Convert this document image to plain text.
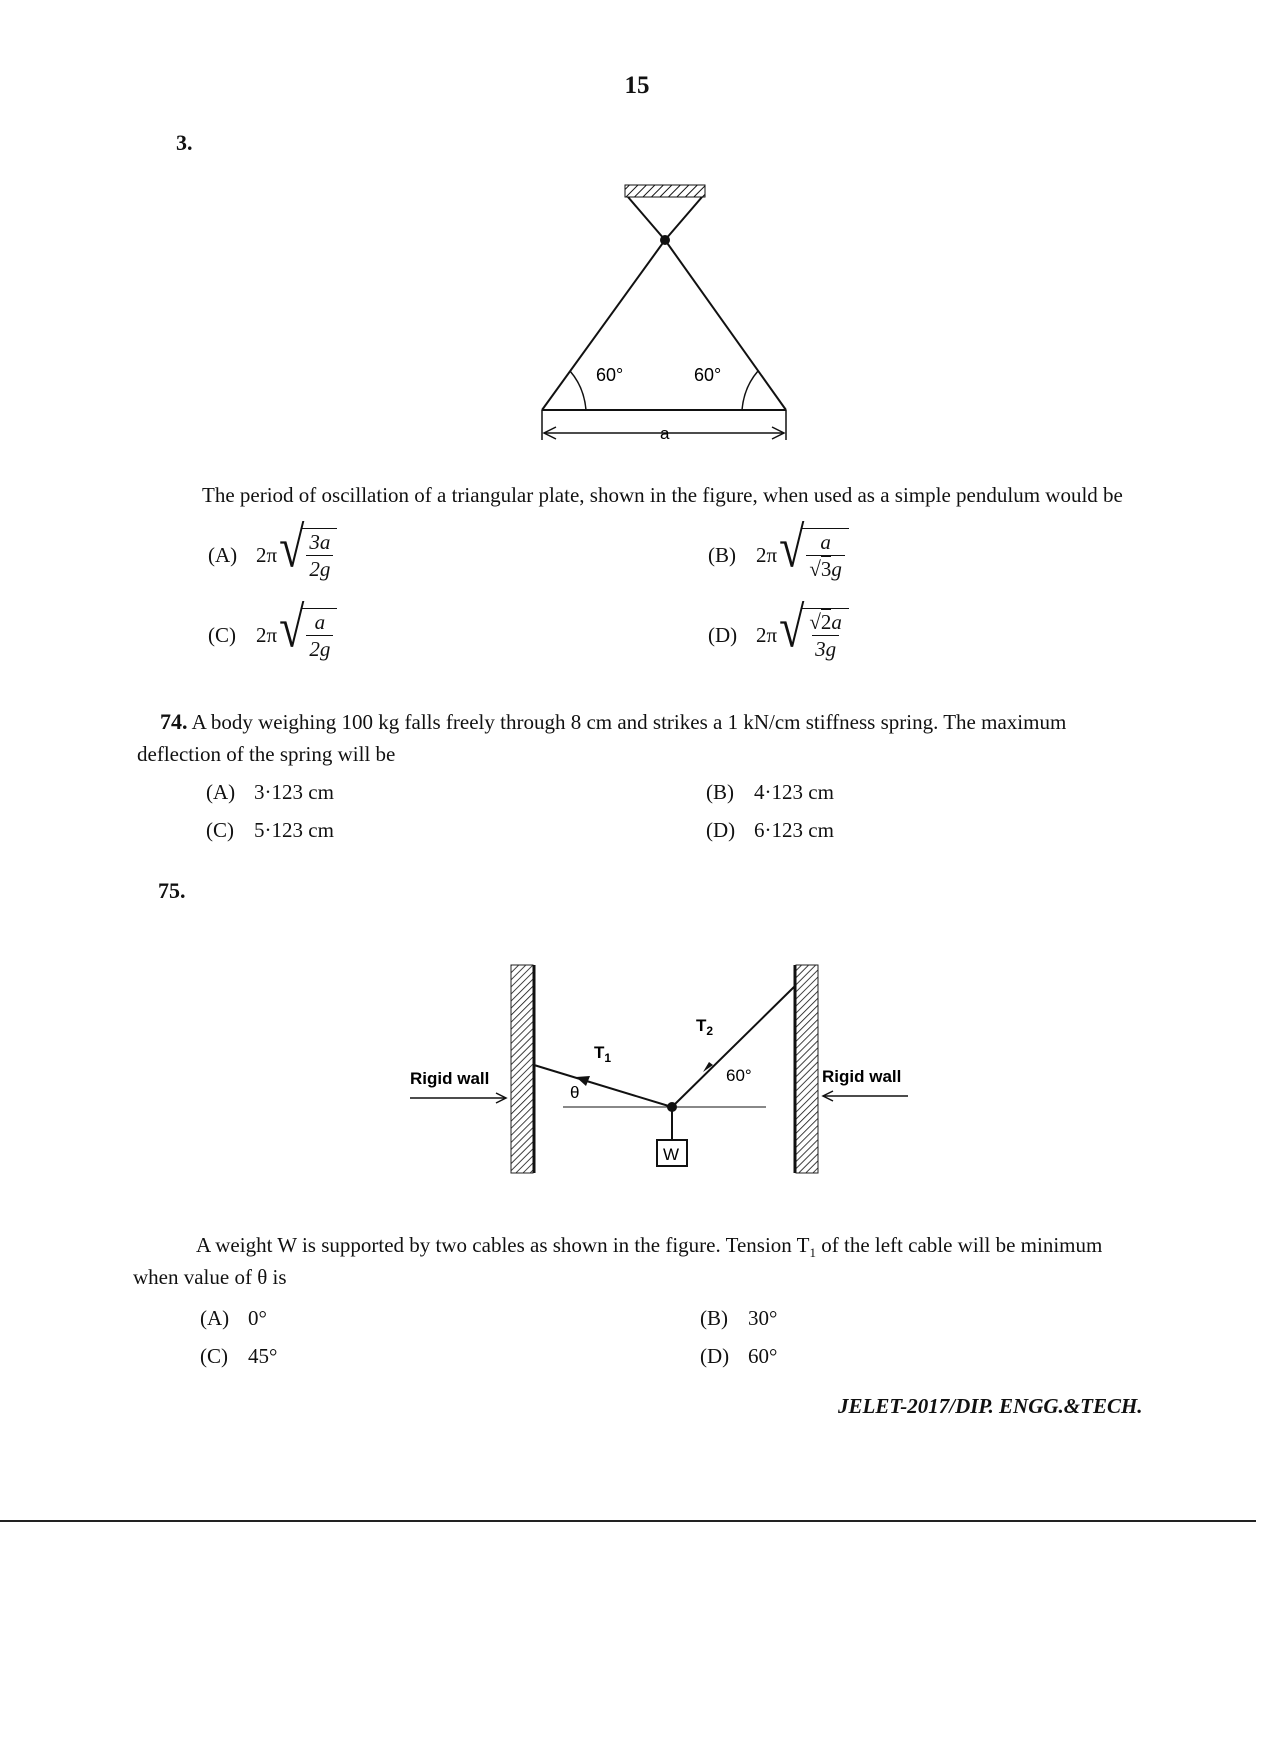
15
3.
60°	60°
a
The period of oscillation of a triangular plate, shown in the figure, when used as a simple pendulum would be
(A) 2π √ $\frac{3a}{2g}$	(B) 2π √ $\frac{a}{√3g}$
(C) 2π √ $\frac{a}{2g}$	(D) 2π √ $\frac{√2a}{3g}$
74. A body weighing 100 kg falls freely through 8 cm and strikes a 1 kN/cm stiffness spring. The maximum
deflection of the spring will be
(A) 3·123 cm	(B) 4·123 cm
(C) 5·123 cm	(D) 6·123 cm
75.
Rigid wall	Rigid wall
W
$T_1$
$T_2$
θ
60°
A weight W is supported by two cables as shown in the figure. Tension $T_1$ of the left cable will be minimum
when value of θ is
(A) 0°	(B) 30°
(C) 45°	(D) 60°
JELET-2017/DIP. ENGG.&TECH.
